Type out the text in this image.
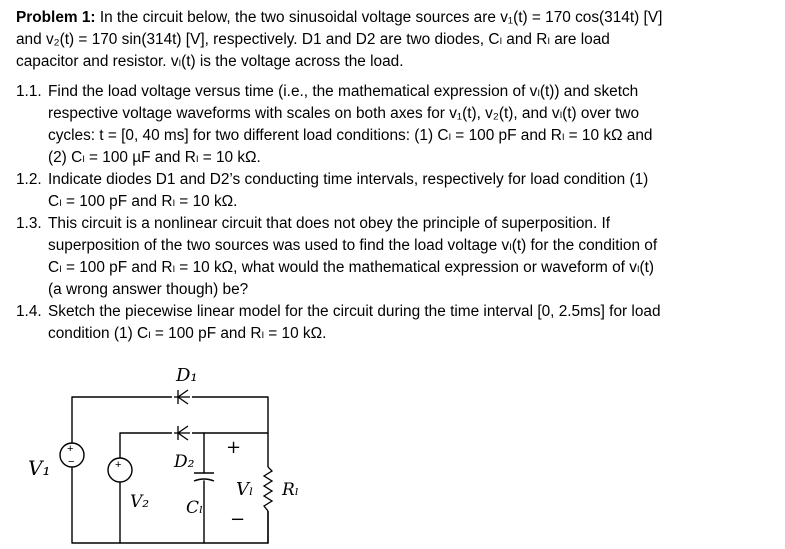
Problem 1: In the circuit below, the two sinusoidal voltage sources are v₁(t) = 170 cos(314t) [V]
and v₂(t) = 170 sin(314t) [V], respectively. D1 and D2 are two diodes, Cₗ and Rₗ are load
capacitor and resistor. vₗ(t) is the voltage across the load.

1.1. Find the load voltage versus time (i.e., the mathematical expression of vₗ(t)) and sketch
respective voltage waveforms with scales on both axes for v₁(t), v₂(t), and vₗ(t) over two
cycles: t = [0, 40 ms] for two different load conditions: (1) Cₗ = 100 pF and Rₗ = 10 kΩ and
(2) Cₗ = 100 µF and Rₗ = 10 kΩ.
1.2. Indicate diodes D1 and D2’s conducting time intervals, respectively for load condition (1)
Cₗ = 100 pF and Rₗ = 10 kΩ.
1.3. This circuit is a nonlinear circuit that does not obey the principle of superposition. If
superposition of the two sources was used to find the load voltage vₗ(t) for the condition of
Cₗ = 100 pF and Rₗ = 10 kΩ, what would the mathematical expression or waveform of vₗ(t)
(a wrong answer though) be?
1.4. Sketch the piecewise linear model for the circuit during the time interval [0, 2.5ms] for load
condition (1) Cₗ = 100 pF and Rₗ = 10 kΩ.
+
−	+
D₁
D₂
V₁
V₂ Cₗ
+
Vₗ
−
Rₗ
